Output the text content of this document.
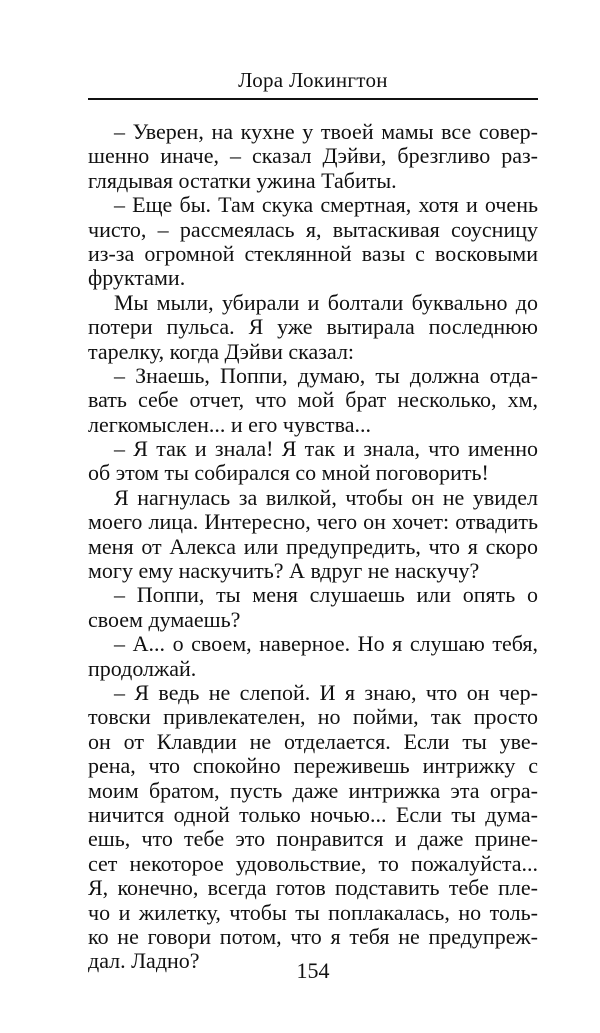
Лора Локингтон
– Уверен, на кухне у твоей мамы все совер-
шенно иначе, – сказал Дэйви, брезгливо раз-
глядывая остатки ужина Табиты.
– Еще бы. Там скука смертная, хотя и очень
чисто, – рассмеялась я, вытаскивая соусницу
из-за огромной стеклянной вазы с восковыми
фруктами.
Мы мыли, убирали и болтали буквально до
потери пульса. Я уже вытирала последнюю
тарелку, когда Дэйви сказал:
– Знаешь, Поппи, думаю, ты должна отда-
вать себе отчет, что мой брат несколько, хм,
легкомыслен... и его чувства...
– Я так и знала! Я так и знала, что именно
об этом ты собирался со мной поговорить!
Я нагнулась за вилкой, чтобы он не увидел
моего лица. Интересно, чего он хочет: отвадить
меня от Алекса или предупредить, что я скоро
могу ему наскучить? А вдруг не наскучу?
– Поппи, ты меня слушаешь или опять о
своем думаешь?
– А... о своем, наверное. Но я слушаю тебя,
продолжай.
– Я ведь не слепой. И я знаю, что он чер-
товски привлекателен, но пойми, так просто
он от Клавдии не отделается. Если ты уве-
рена, что спокойно переживешь интрижку с
моим братом, пусть даже интрижка эта огра-
ничится одной только ночью... Если ты дума-
ешь, что тебе это понравится и даже прине-
сет некоторое удовольствие, то пожалуйста...
Я, конечно, всегда готов подставить тебе пле-
чо и жилетку, чтобы ты поплакалась, но толь-
ко не говори потом, что я тебя не предупреж-
дал. Ладно?	154
